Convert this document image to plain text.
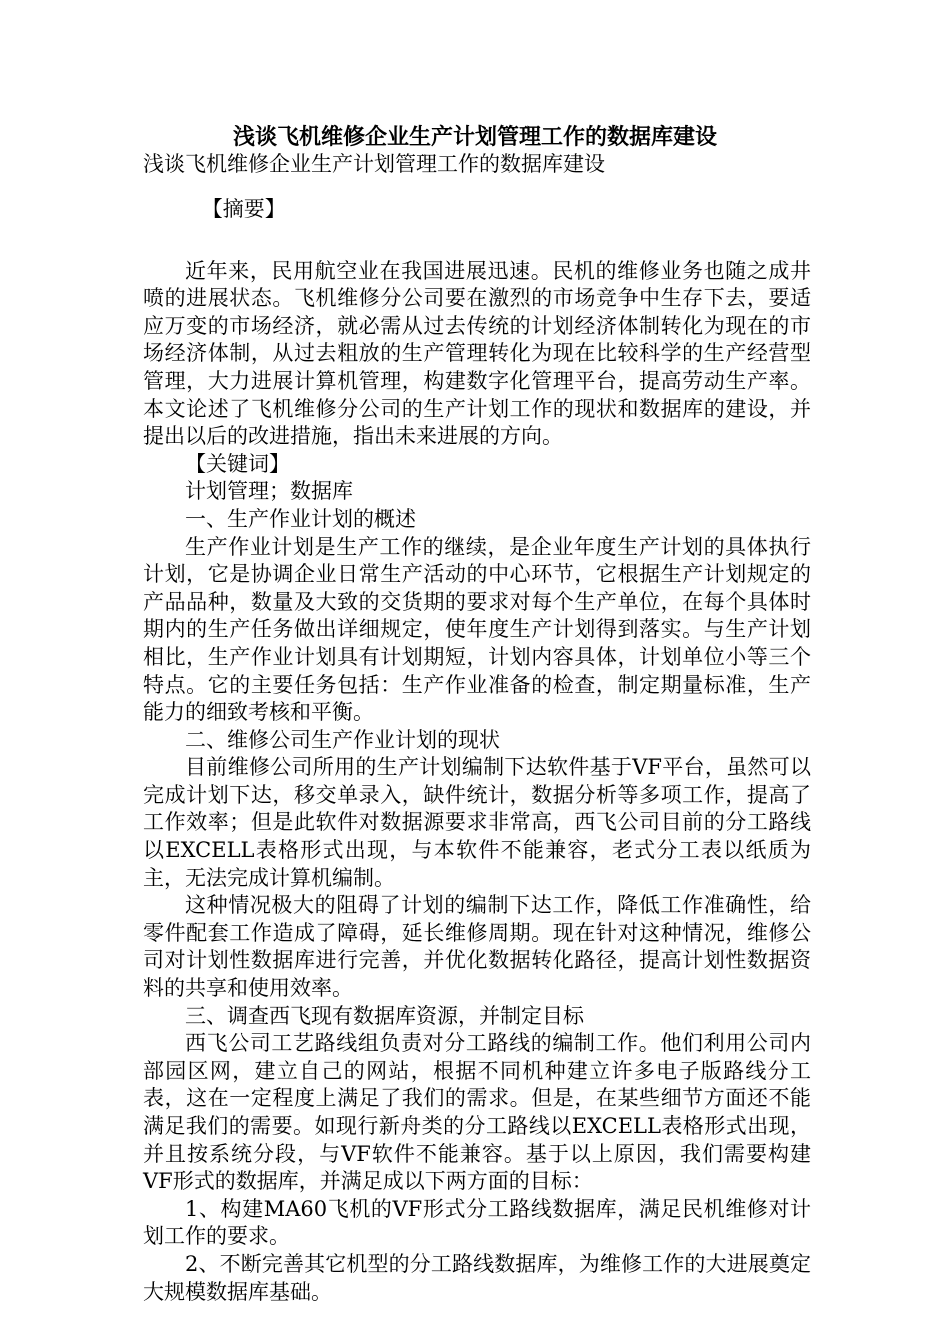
浅谈飞机维修企业生产计划管理工作的数据库建设
浅谈飞机维修企业生产计划管理工作的数据库建设

【摘要】

近年来，民用航空业在我国进展迅速。民机的维修业务也随之成井喷的进展状态。飞机维修分公司要在激烈的市场竞争中生存下去，要适应万变的市场经济，就必需从过去传统的计划经济体制转化为现在的市场经济体制，从过去粗放的生产管理转化为现在比较科学的生产经营型管理，大力进展计算机管理，构建数字化管理平台，提高劳动生产率。本文论述了飞机维修分公司的生产计划工作的现状和数据库的建设，并提出以后的改进措施，指出未来进展的方向。

【关键词】

计划管理；数据库

一、生产作业计划的概述

生产作业计划是生产工作的继续，是企业年度生产计划的具体执行计划，它是协调企业日常生产活动的中心环节，它根据生产计划规定的产品品种，数量及大致的交货期的要求对每个生产单位，在每个具体时期内的生产任务做出详细规定，使年度生产计划得到落实。与生产计划相比，生产作业计划具有计划期短，计划内容具体，计划单位小等三个特点。它的主要任务包括：生产作业准备的检查，制定期量标准，生产能力的细致考核和平衡。

二、维修公司生产作业计划的现状

目前维修公司所用的生产计划编制下达软件基于VF平台，虽然可以完成计划下达，移交单录入，缺件统计，数据分析等多项工作，提高了工作效率；但是此软件对数据源要求非常高，西飞公司目前的分工路线以EXCELL表格形式出现，与本软件不能兼容，老式分工表以纸质为主，无法完成计算机编制。

这种情况极大的阻碍了计划的编制下达工作，降低工作准确性，给零件配套工作造成了障碍，延长维修周期。现在针对这种情况，维修公司对计划性数据库进行完善，并优化数据转化路径，提高计划性数据资料的共享和使用效率。

三、调查西飞现有数据库资源，并制定目标

西飞公司工艺路线组负责对分工路线的编制工作。他们利用公司内部园区网，建立自己的网站，根据不同机种建立许多电子版路线分工表，这在一定程度上满足了我们的需求。但是，在某些细节方面还不能满足我们的需要。如现行新舟类的分工路线以EXCELL表格形式出现，并且按系统分段，与VF软件不能兼容。基于以上原因，我们需要构建VF形式的数据库，并满足成以下两方面的目标：

1、构建MA60飞机的VF形式分工路线数据库，满足民机维修对计划工作的要求。

2、不断完善其它机型的分工路线数据库，为维修工作的大进展奠定大规模数据库基础。
